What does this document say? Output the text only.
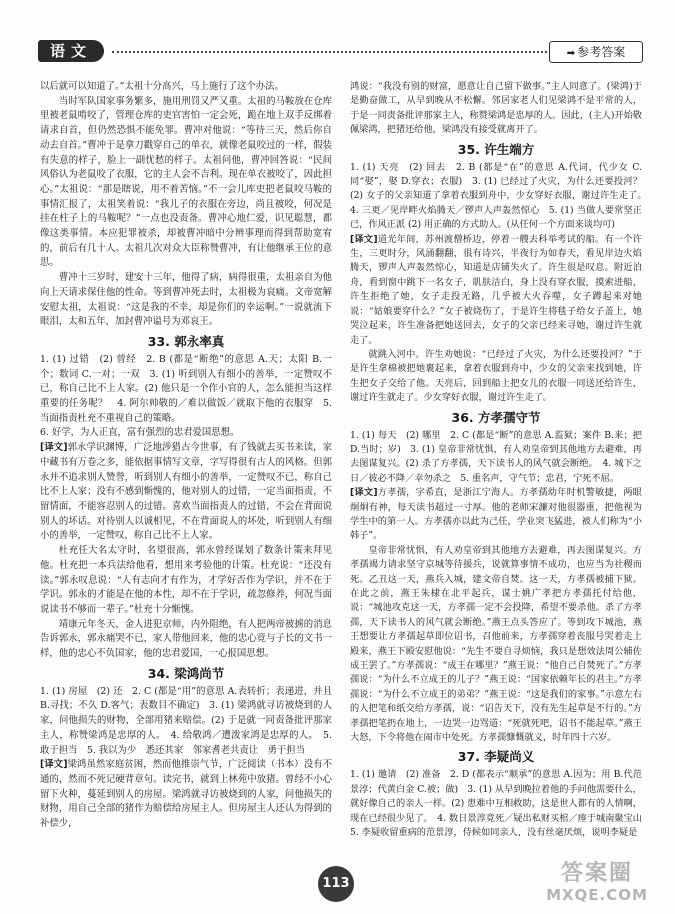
语文	➡ 参考答案

以后就可以知道了。”太祖十分高兴，马上施行了这个办法。

当时军队国家事务繁多，施用刑罚又严又重。太祖的马鞍放在仓库里被老鼠啃咬了，管理仓库的吏官害怕一定会死，跪在地上双手反绑着请求自首，但仍然恐惧不能免罪。曹冲对他说：“等待三天，然后你自动去自首。”曹冲于是拿刀戳穿自己的单衣，就像老鼠咬过的一样，假装有失意的样子，脸上一副忧愁的样子。太祖问他，曹冲回答说：“民间风俗认为老鼠咬了衣服，它的主人会不吉利。现在单衣被咬了，因此担心。”太祖说：“那是瞎说，用不着苦恼。”不一会儿库吏把老鼠咬马鞍的事情汇报了，太祖笑着说：“我儿子的衣服在旁边，尚且被咬，何况是挂在柱子上的马鞍呢？”一点也没责备。曹冲心地仁爱，识见聪慧，都像这类事情。本应犯罪被杀，却被曹冲暗中分辨事理而得到帮助宽宥的，前后有几十人。太祖几次对众大臣称赞曹冲，有让他继承王位的意思。

曹冲十三岁时，建安十三年，他得了病，病得很重，太祖亲自为他向上天请求保住他的性命。等到曹冲死去时，太祖极为哀痛。文帝宽解安慰太祖，太祖说：“这是我的不幸，却是你们的幸运啊。”一说就流下眼泪，太和五年，加封曹冲谥号为邓哀王。

33. 郭永率真

1. (1) 过错　(2) 曾经　2. B (都是“断绝”的意思 A.天；太阳 B.一个；数词 C.一对；一双　3. (1) 听到别人有细小的善举，一定赞叹不已，称自己比不上人家。(2) 他只是一个作小官的人，怎么能担当这样重要的任务呢？　4. 阿尔帅敬的／难以做饭／就取下他的衣服穿　5. 当面指责杜充不重视自己的策略。

6. 好学，为人正直，富有强烈的忠君爱国思想。

[译文]郭永学识渊博，广泛地涉猎古今世事，有了钱就去买书来读，家中藏书有万卷之多，能依据事情写文章，字写得很有古人的风格。但郭永并不追求别人赞誉，听到别人有细小的善举，一定赞叹不已，称自己比不上人家；没有不感到惭愧的，他对别人的过错，一定当面指责，不留情面，不能容忍别人的过错。喜欢当面指责人的过错，不会在背面说别人的坏话。对待别人以诚相见，不在背面说人的坏处，听到别人有细小的善举，一定赞叹，称自己比不上人家。

杜充任大名太守时，名望很高，郭永曾经谋划了数条计策来拜见他。杜充把一本兵法给他看，想用来考验他的计策。杜充说：“还没有读。”郭永叹息说：“人有志向才有作为，才学好否作为学识，并不在于学识。郭永的才能是在他的本性，却不在于学识，疏忽修养，何况当面说读书不够而一辈子。”杜充十分惭愧。

靖康元年冬天，金人进犯京师，内外阻绝，有人把两帝被掳的消息告诉郭永，郭永痛哭不已，家人带他回来，他的忠心竟与子长的文书一样，他的忠心不负国家，他的忠君爱国，一心报国思想。

34. 梁鸿尚节

1. (1) 房屋　(2) 还　2. C (都是“用”的意思 A.表转折；表递进，并且 B.寻找；不久 D.客气；表数目不确定)　3. (1) 梁鸿就寻访被烧到的人家，问他损失的财物，全部用猪来赔偿。(2) 于是就一同责备批评那家主人，称赞梁鸿是忠厚的人。　4. 给敬鸿／遭泼家鸿是忠厚的人。　5. 敢于担当　5. 我以为少　悉还其家　邻家耆老共责让　勇于担当

[译文]梁鸿虽然家庭贫困，然而他推崇气节，广泛阅读（书本）没有不通的，然而不死记硬背章句。读完书，就到上林苑中放猪。曾经不小心留下火种，蔓延到别人的房屋。梁鸿就寻访被烧到的人家，问他损失的财物，用自己全部的猪作为赔偿给房屋主人。但房屋主人还认为得到的补偿少，

鸿说：“我没有别的财富，愿意让自己留下做事。”主人同意了。(梁鸿)于是勤奋做工，从早到晚从不松懈。邻居家老人们见梁鸿不是平常的人，于是一同责备批评那家主人，称赞梁鸿是忠厚的人。因此，(主人)开始敬佩梁鸿，把猪还给他，梁鸿没有接受就离开了。

35. 许生端方

1. (1) 天亮　(2) 回去　2. B (都是“在”的意思 A.代词，代少女 C.同“娶”，娶 D.穿衣；衣服)　3. (1) 已经过了火灾，为什么还要投河？(2) 女子的父亲知道了拿着衣服到舟中，少女穿好衣服，谢过许生走了。　4. 三更／见岸畔火焰腾天／锣声人声轰然惊心　5. (1) 当做人要常坚正已，作风正派 (2) 用正确的方式助人。(从任何一个方面来谈均可)

[译文]道光年间，苏州渡僧桥边，停着一艘去科举考试的船。有一个许生，三更时分，风涌翻翻，很有诗兴，半夜行为如春天，看见岸边火焰腾天，锣声人声轰然惊心，知道是店铺失火了。许生很是叹息。附近泊舟，看到窗中跳下一名女子，肌肤洁白，身上没有穿衣服，摸索进船，许生拒绝了她，女子走投无路，几乎被大火吞噬，女子蹲起来对她说：“姑娘要穿什么？”女子被烧伤了，于是许生将毯子给女子盖上，她哭泣起来，许生准备把她送回去，女子的父亲已经来寻她，谢过许生就走了。

就跳入河中。许生劝她说：“已经过了火灾，为什么还要投河？”于是许生拿棉被把她裹起来，拿着衣服到舟中，少女的父亲来找到她，许生把女子交给了他。天亮后，回到船上把女儿的衣服一同送还给许生，谢过许生就走了。少女穿好衣服，谢过许生走了。

36. 方孝孺守节

1. (1) 每天　(2) 哪里　2. C (都是“断”的意思 A.监狱；案件 B.来；把 D.当时；岁)　3. (1) 皇帝非常忧惧，有人劝皇帝到其他地方去避难，再去图谋复兴。(2) 杀了方孝孺，天下读书人的风气就会断绝。　4. 城下之日／彼必不降／幸勿杀之　5. 重名声，守气节；忠君，宁死不屈。

[译文]方孝孺，字希直，是浙江宁海人。方孝孺幼年时机警敏捷，两眼炯炯有神，每天读书超过一寸厚。他的老师宋濂对他很器重，把他视为学生中的第一人。方孝孺亦以此为己任，学业突飞猛进，被人们称为“小韩子”。

皇帝非常忧惧，有人劝皇帝到其他地方去避难，再去图谋复兴。方孝孺竭力请求坚守京城等待援兵，说就算事情不成功，也应当为社稷而死。乙丑这一天，燕兵入城，建文帝自焚。这一天，方孝孺被捕下狱。在此之前，燕王朱棣在北平起兵，谋士姚广孝把方孝孺托付给他，说：“城池攻克这一天，方孝孺一定不会投降，希望不要杀他。杀了方孝孺，天下读书人的风气就会断绝。”燕王点头答应了。等到攻下城池，燕王想要让方孝孺起草即位诏书，召他前来，方孝孺穿着丧服号哭着走上殿来，燕王下殿安慰他说：“先生不要自寻烦恼，我只是想效法周公辅佐成王罢了。”方孝孺说：“成王在哪里？”燕王说：“他自己自焚死了。”方孝孺说：“为什么不立成王的儿子？”燕王说：“国家依赖年长的君主。”方孝孺说：“为什么不立成王的弟弟？”燕王说：“这是我们的家事。”示意左右的人把笔和纸交给方孝孺，说：“诏告天下，没有先生起草是不行的。”方孝孺把笔扔在地上，一边哭一边骂道：“死就死吧，诏书不能起草。”燕王大怒，下令将他在闹市中处死。方孝孺慷慨就义，时年四十六岁。

37. 李疑尚义

1. (1) 邀请　(2) 准备　2. D (都表示“顺承”的意思 A.因为；用 B.代范景淳；代黄白金 C.被；做)　3. (1) 从早到晚拉着他的手问他需要什么，就好像自己的亲人一样。(2) 患难中互相救助，这是世人都有的人情啊，现在已经很少见了。　4. 数日景淳竟死／疑出私财买棺／瘗于城南聚宝山　5. 李疑收留重病的范景淳，侍候如同亲人，没有丝毫厌烦，说明李疑是

113	答案圈
MXQE.COM
